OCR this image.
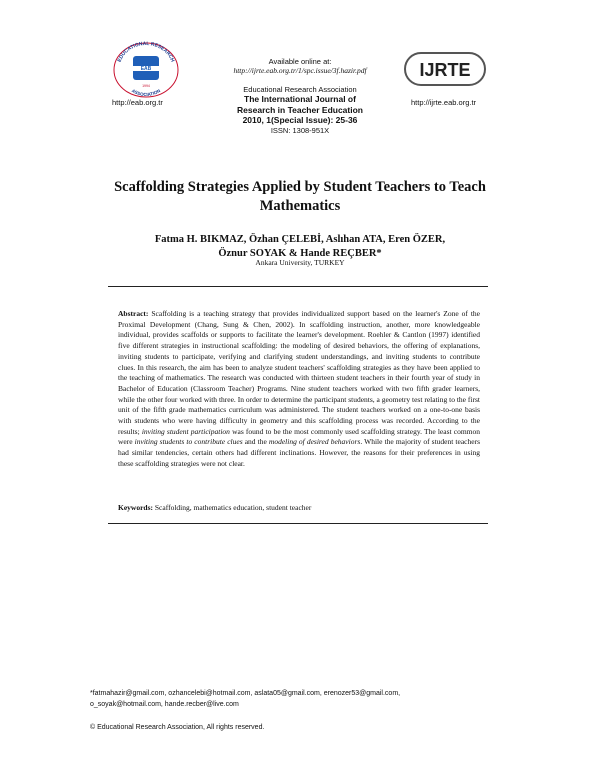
EDUCATIONAL RESEARCH
ASSOCIATION
EAB
1994
http://eab.org.tr
Available online at:
http://ijrte.eab.org.tr/1/spc.issue/3f.hazir.pdf
Educational Research Association
The International Journal of
Research in Teacher Education
2010, 1(Special Issue): 25-36
ISSN: 1308-951X
IJRTE
http://ijrte.eab.org.tr
Scaffolding Strategies Applied by Student Teachers to Teach
Mathematics
Fatma H. BIKMAZ, Özhan ÇELEBİ, Aslıhan ATA, Eren ÖZER,
Öznur SOYAK & Hande REÇBER*
Ankara University, TURKEY
Abstract: Scaffolding is a teaching strategy that provides individualized support based on the learner's Zone of the Proximal Development (Chang, Sung & Chen, 2002). In scaffolding instruction, another, more knowledgeable individual, provides scaffolds or supports to facilitate the learner's development. Roehler & Cantlon (1997) identified five different strategies in instructional scaffolding: the modeling of desired behaviors, the offering of explanations, inviting students to participate, verifying and clarifying student understandings, and inviting students to contribute clues. In this research, the aim has been to analyze student teachers' scaffolding strategies as they have been applied to the teaching of mathematics. The research was conducted with thirteen student teachers in their fourth year of study in Bachelor of Education (Classroom Teacher) Programs. Nine student teachers worked with two fifth grader learners, while the other four worked with three. In order to determine the participant students, a geometry test relating to the first unit of the fifth grade mathematics curriculum was administered. The student teachers worked on a one-to-one basis with students who were having difficulty in geometry and this scaffolding process was recorded. According to the results; inviting student participation was found to be the most commonly used scaffolding strategy. The least common were inviting students to contribute clues and the modeling of desired behaviors. While the majority of student teachers had similar tendencies, certain others had different inclinations. However, the reasons for their preferences in using these scaffolding strategies were not clear.
Keywords: Scaffolding, mathematics education, student teacher
*fatmahazir@gmail.com, ozhancelebi@hotmail.com, aslata05@gmail.com, erenozer53@gmail.com,
o_soyak@hotmail.com, hande.recber@live.com
© Educational Research Association, All rights reserved.
